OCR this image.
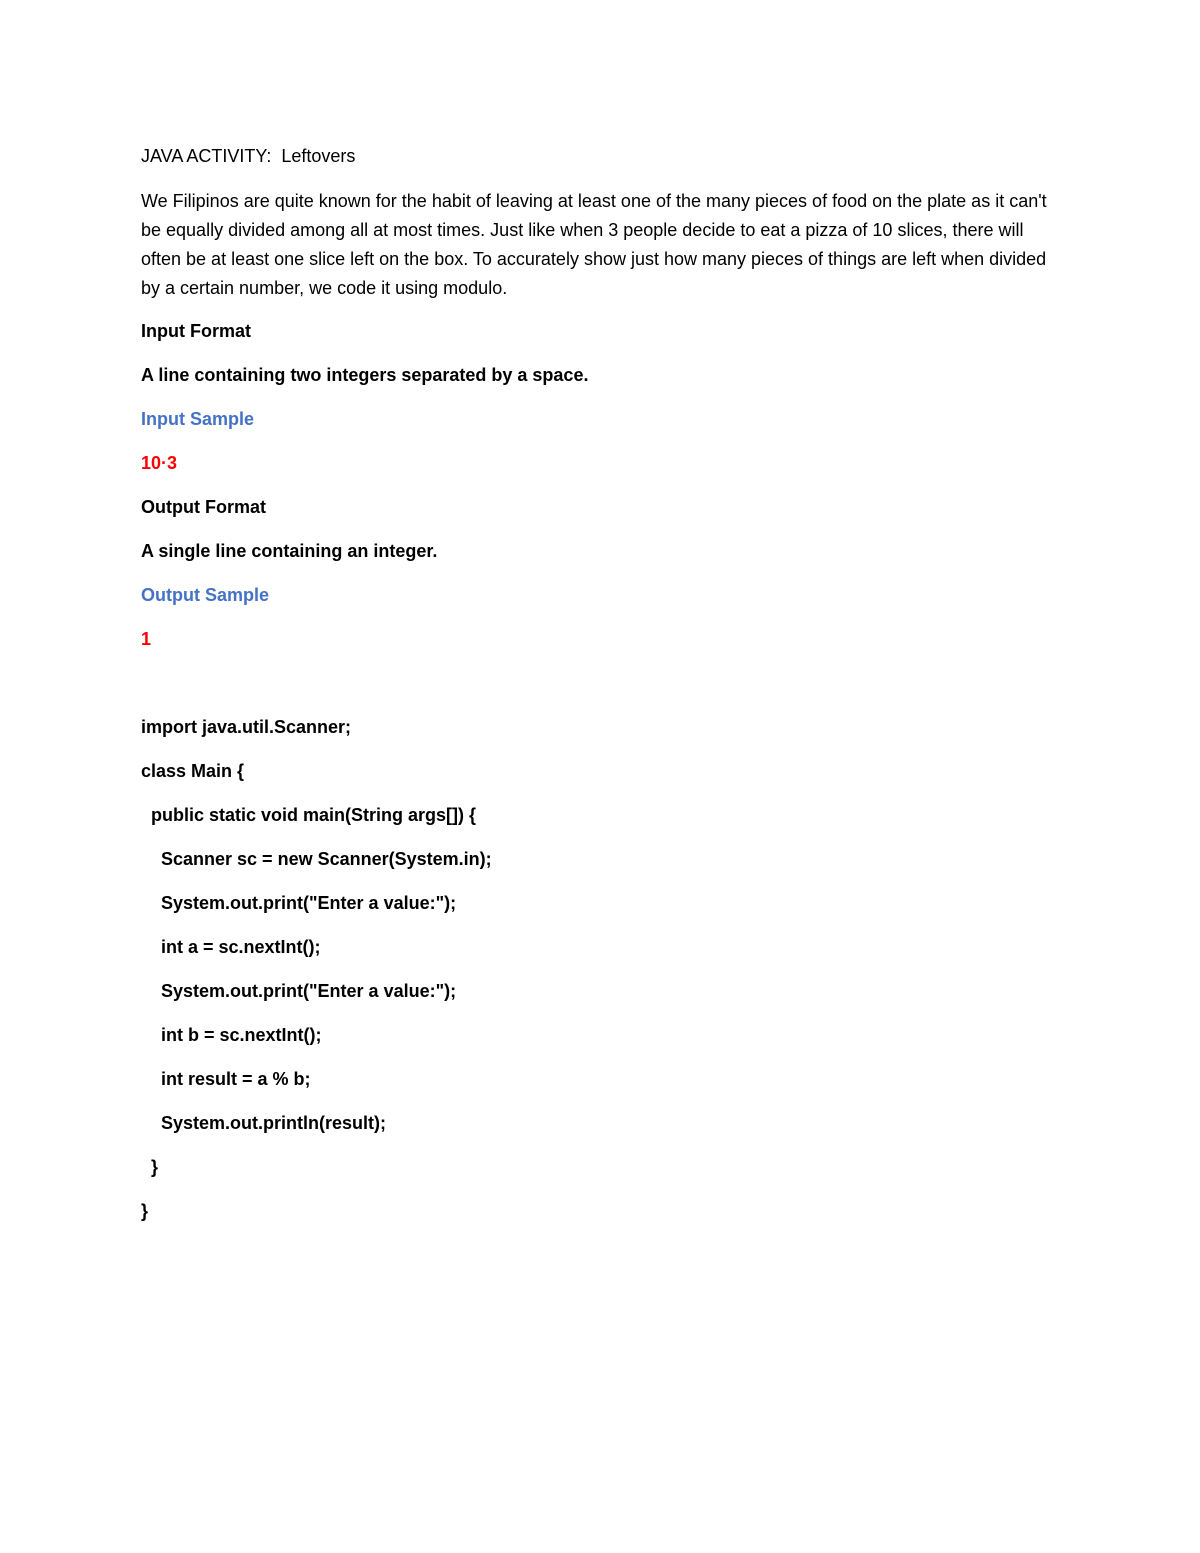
JAVA ACTIVITY:  Leftovers
We Filipinos are quite known for the habit of leaving at least one of the many pieces of food on the plate as it can't be equally divided among all at most times. Just like when 3 people decide to eat a pizza of 10 slices, there will often be at least one slice left on the box. To accurately show just how many pieces of things are left when divided by a certain number, we code it using modulo.
Input Format
A line containing two integers separated by a space.
Input Sample
10·3
Output Format
A single line containing an integer.
Output Sample
1
import java.util.Scanner;
class Main {
public static void main(String args[]) {
Scanner sc = new Scanner(System.in);
System.out.print("Enter a value:");
int a = sc.nextInt();
System.out.print("Enter a value:");
int b = sc.nextInt();
int result = a % b;
System.out.println(result);
}
}
